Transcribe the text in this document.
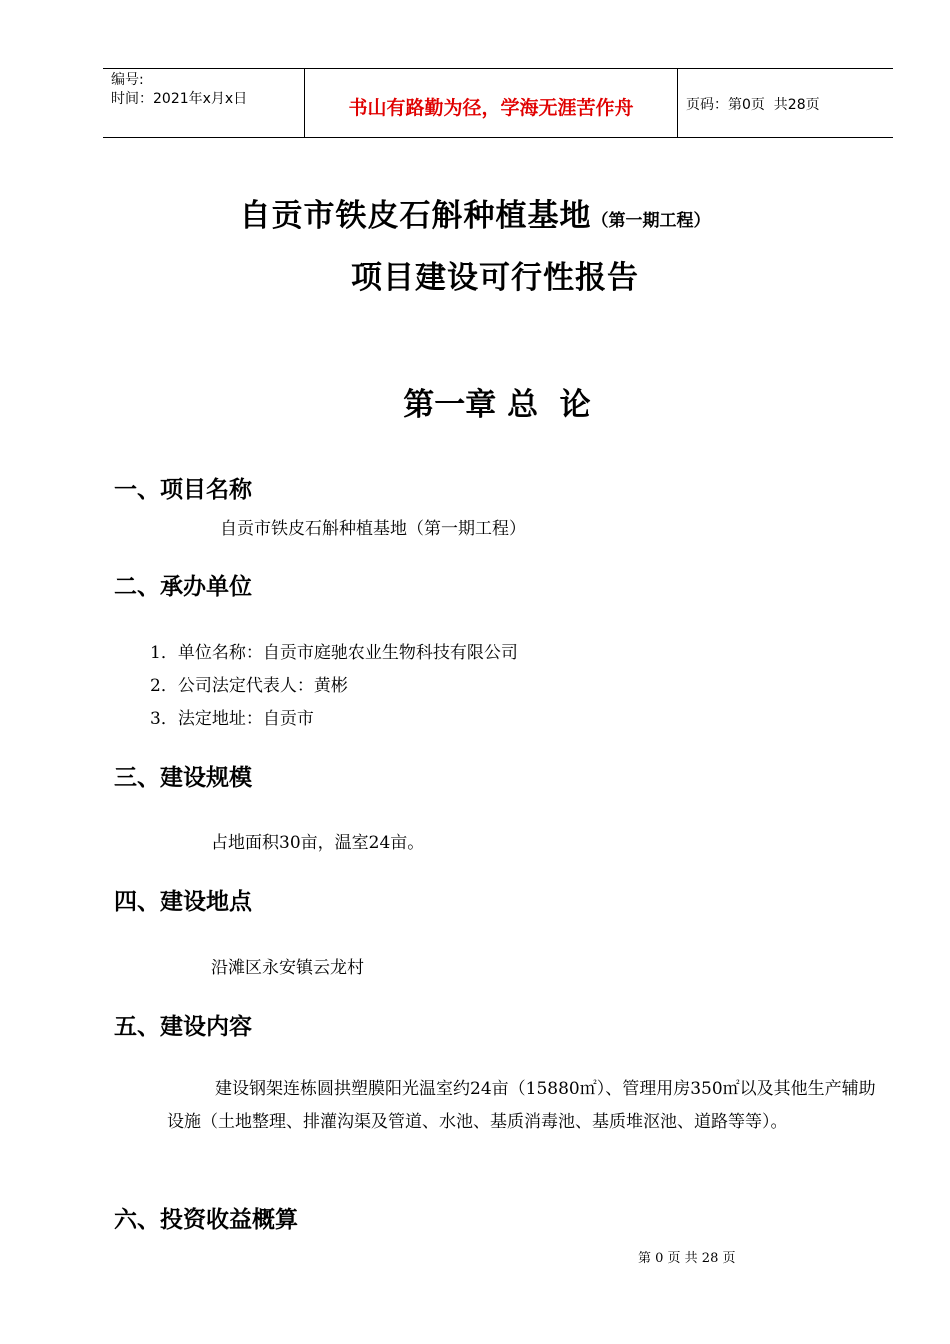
编号:
时间：2021年x月x日	书山有路勤为径，学海无涯苦作舟	页码：第0页  共28页
自贡市铁皮石斛种植基地（第一期工程）
项目建设可行性报告
第一章 总  论
一、项目名称
自贡市铁皮石斛种植基地（第一期工程）
二、承办单位
1．单位名称：自贡市庭驰农业生物科技有限公司
2．公司法定代表人：黄彬
3．法定地址：自贡市
三、建设规模
占地面积30亩，温室24亩。
四、建设地点
沿滩区永安镇云龙村
五、建设内容
建设钢架连栋圆拱塑膜阳光温室约24亩（15880㎡）、管理用房350㎡以及其他生产辅助设施（土地整理、排灌沟渠及管道、水池、基质消毒池、基质堆沤池、道路等等）。
六、投资收益概算
第 0 页 共 28 页
